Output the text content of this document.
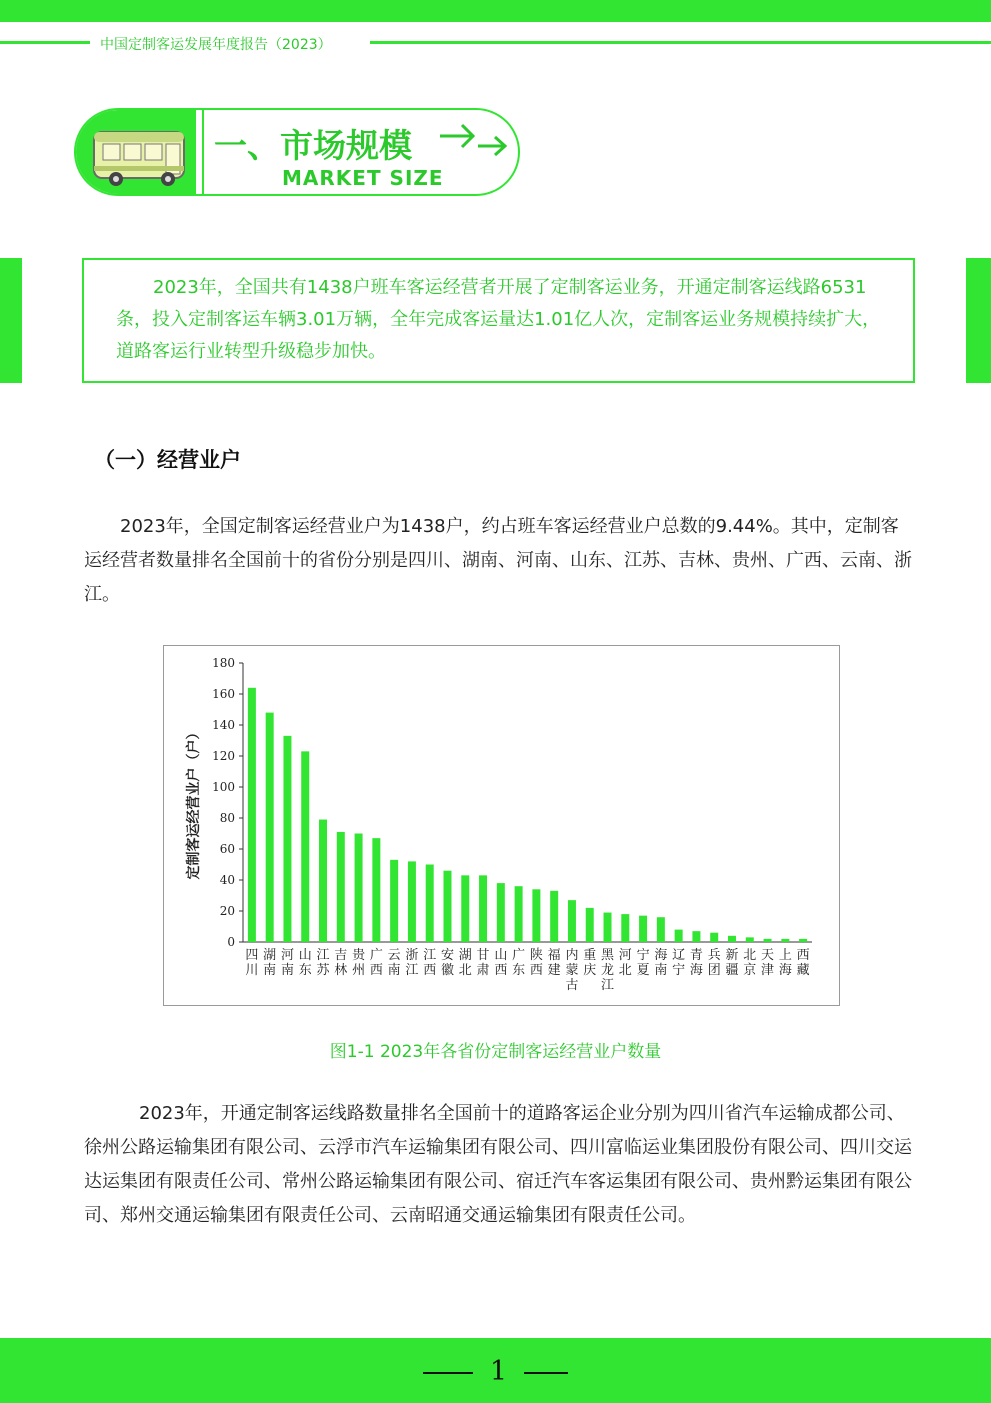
中国定制客运发展年度报告（2023）
一、市场规模
MARKET SIZE

2023年，全国共有1438户班车客运经营者开展了定制客运业务，开通定制客运线路6531条，投入定制客运车辆3.01万辆，全年完成客运量达1.01亿人次，定制客运业务规模持续扩大，道路客运行业转型升级稳步加快。

（一）经营业户

2023年，全国定制客运经营业户为1438户，约占班车客运经营业户总数的9.44%。其中，定制客运经营者数量排名全国前十的省份分别是四川、湖南、河南、山东、江苏、吉林、贵州、广西、云南、浙江。

定制客运经营业户（户）
0
20
40
60
80
100
120
140
160
180
四
川
湖
南
河
南
山
东
江
苏
吉
林
贵
州
广
西
云
南
浙
江
江
西
安
徽
湖
北
甘
肃
山
西
广
东
陕
西
福
建
内
蒙
古
重
庆
黑
龙
江
河
北
宁
夏
海
南
辽
宁
青
海
兵
团
新
疆
北
京
天
津
上
海
西
藏
图1-1 2023年各省份定制客运经营业户数量

2023年，开通定制客运线路数量排名全国前十的道路客运企业分别为四川省汽车运输成都公司、徐州公路运输集团有限公司、云浮市汽车运输集团有限公司、四川富临运业集团股份有限公司、四川交运达运集团有限责任公司、常州公路运输集团有限公司、宿迁汽车客运集团有限公司、贵州黔运集团有限公司、郑州交通运输集团有限责任公司、云南昭通交通运输集团有限责任公司。

1
